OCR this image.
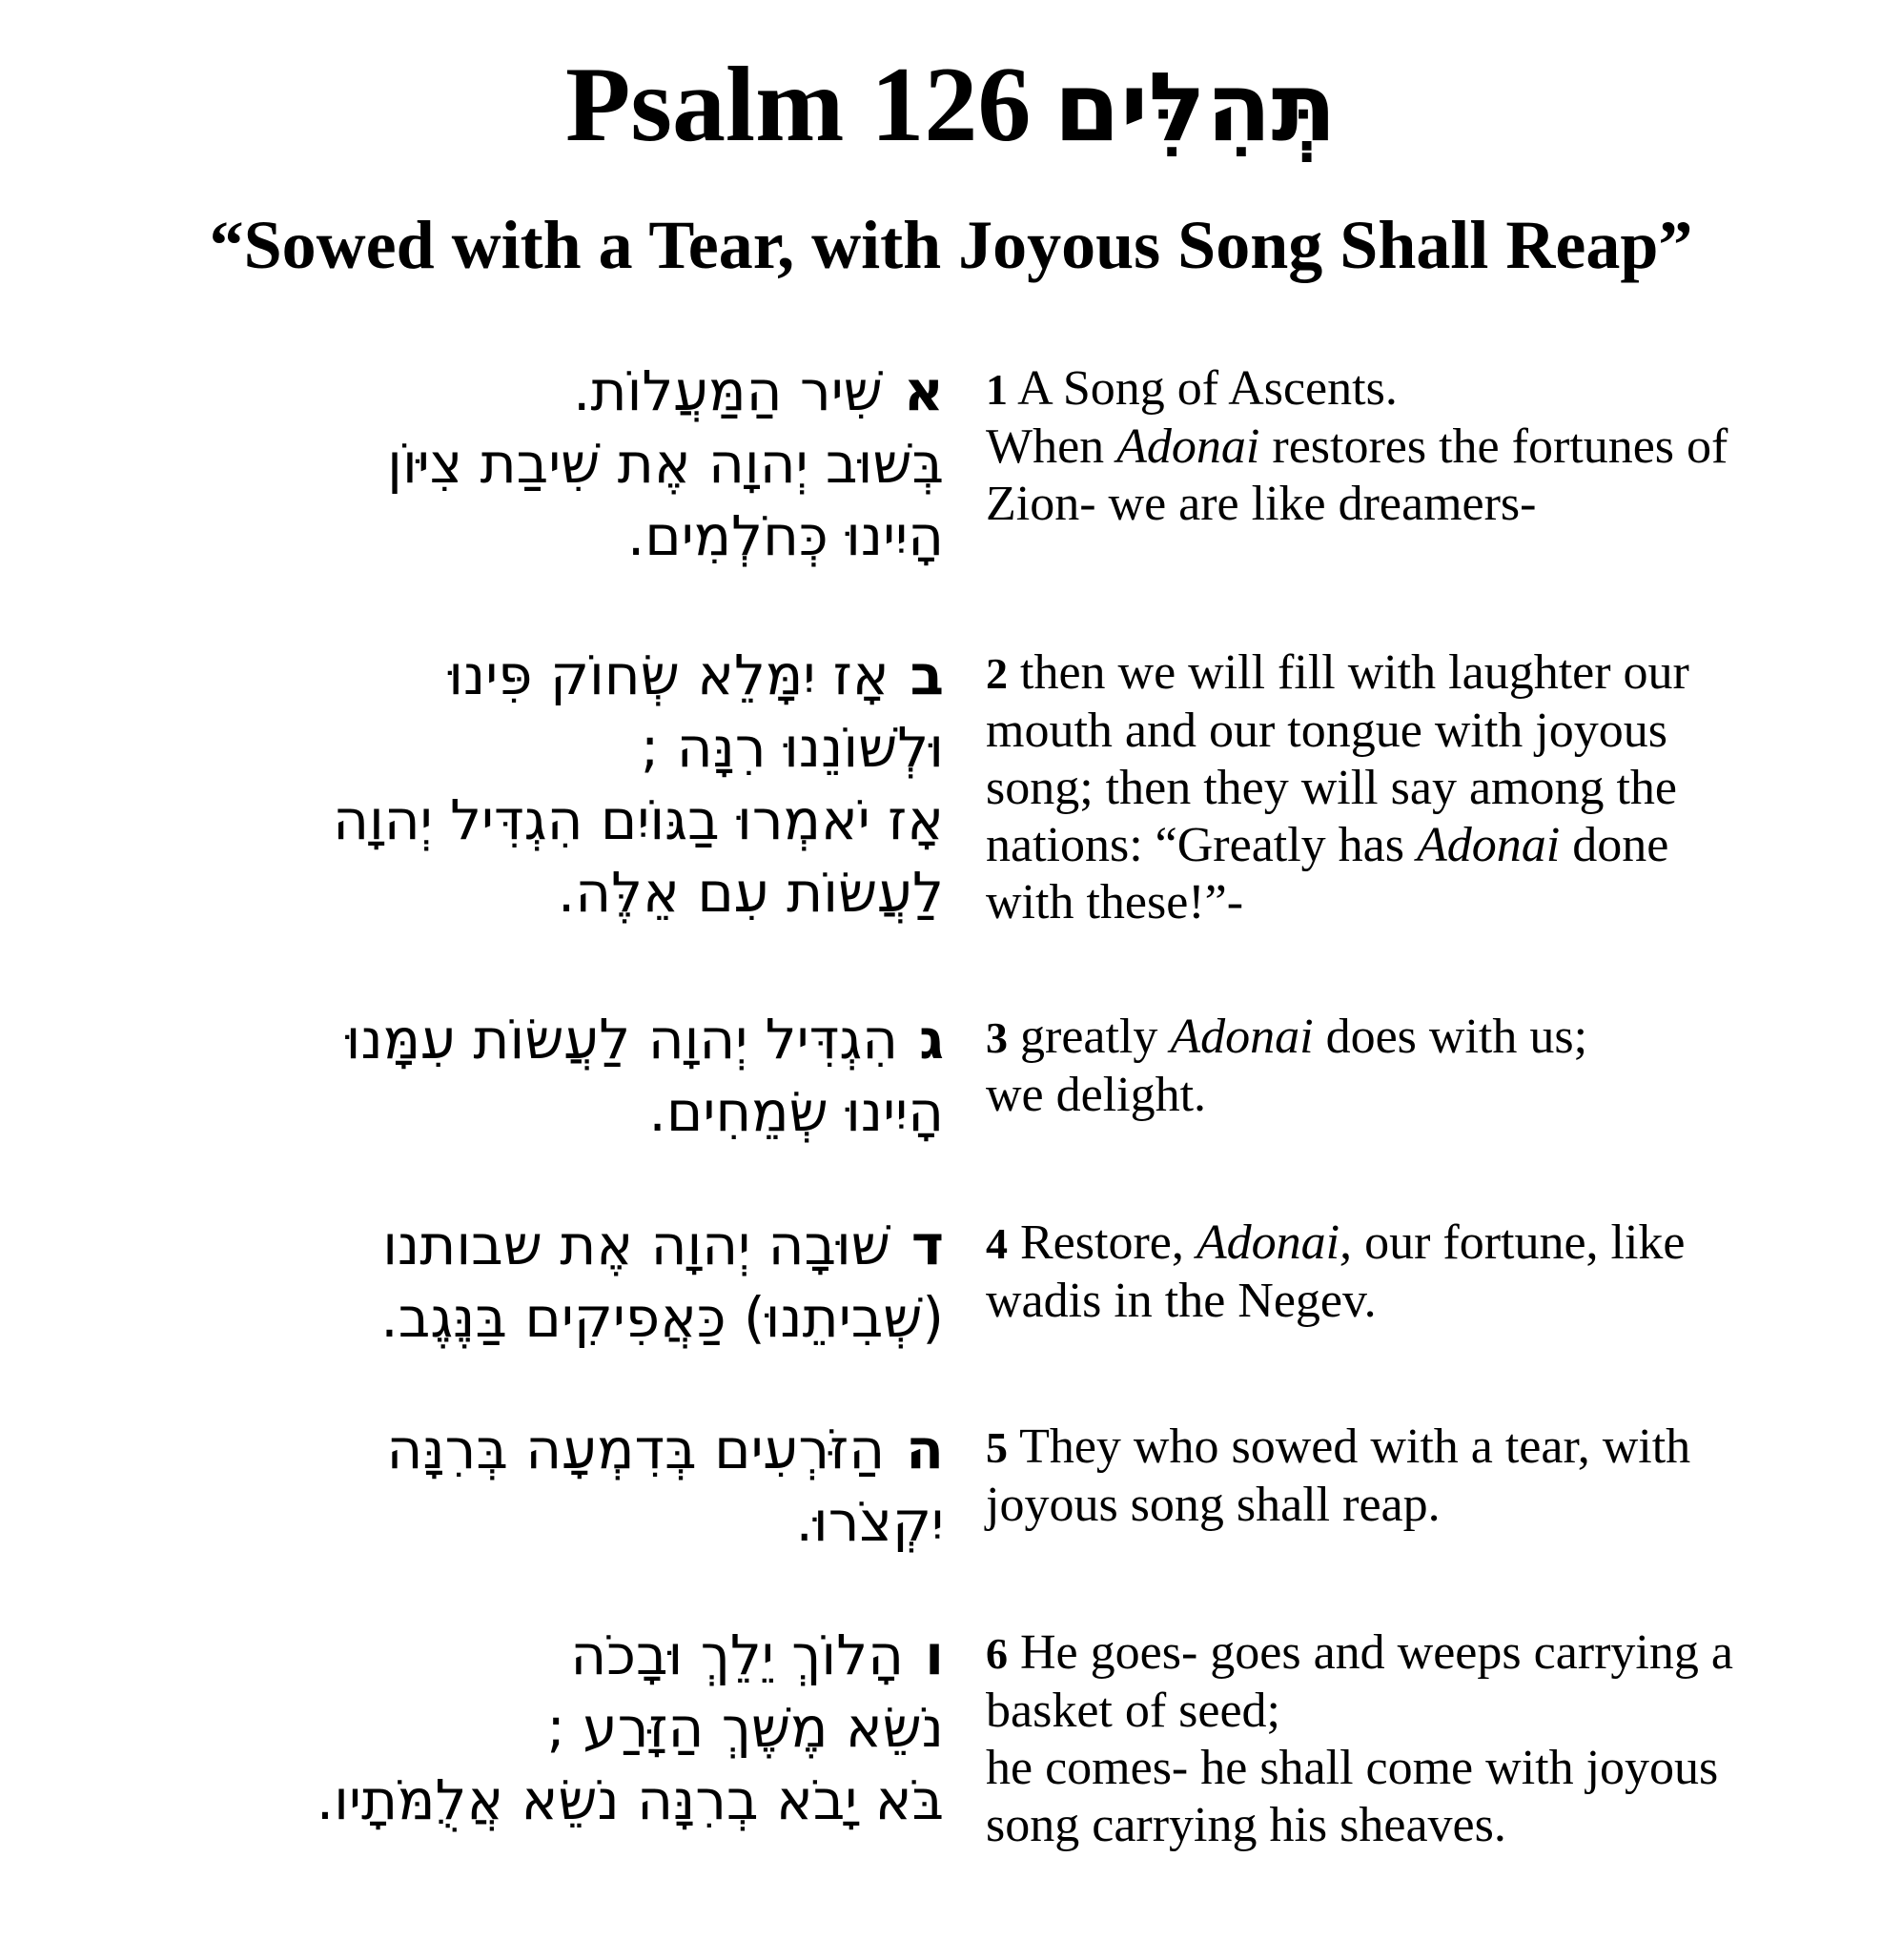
Psalm 126 תְּהִלִּים
“Sowed with a Tear, with Joyous Song Shall Reap”
אשִׁיר הַמַּעֲלוֹת.
בְּשׁוּב יְהוָה אֶת שִׁיבַת צִיּוֹן
הָיִינוּ כְּחֹלְמִים.
1 A Song of Ascents.
When Adonai restores the fortunes of
Zion- we are like dreamers-
באָז יִמָּלֵא שְׂחוֹק פִּינוּ
וּלְשׁוֹנֵנוּ רִנָּה ;
אָז יֹאמְרוּ בַגּוֹיִם הִגְדִּיל יְהוָה
לַעֲשׂוֹת עִם אֵלֶּה.
2 then we will fill with laughter our
mouth and our tongue with joyous
song; then they will say among the
nations: “Greatly has Adonai done
with these!”-
גהִגְדִּיל יְהוָה לַעֲשׂוֹת עִמָּנוּ
הָיִינוּ שְׂמֵחִים.
3 greatly Adonai does with us;
we delight.
דשׁוּבָה יְהוָה אֶת שבותנו
(שְׁבִיתֵנוּ) כַּאֲפִיקִים בַּנֶּגֶב.
4 Restore, Adonai, our fortune, like
wadis in the Negev.
ההַזֹּרְעִים בְּדִמְעָה בְּרִנָּה
יִקְצֹרוּ.
5 They who sowed with a tear, with
joyous song shall reap.
והָלוֹךְ יֵלֵךְ וּבָכֹה
נֹשֵׂא מֶשֶׁךְ הַזָּרַע ;
בֹּא יָבֹא בְרִנָּה נֹשֵׂא אֲלֻמֹּתָיו.
6 He goes- goes and weeps carrying a
basket of seed;
he comes- he shall come with joyous
song carrying his sheaves.
